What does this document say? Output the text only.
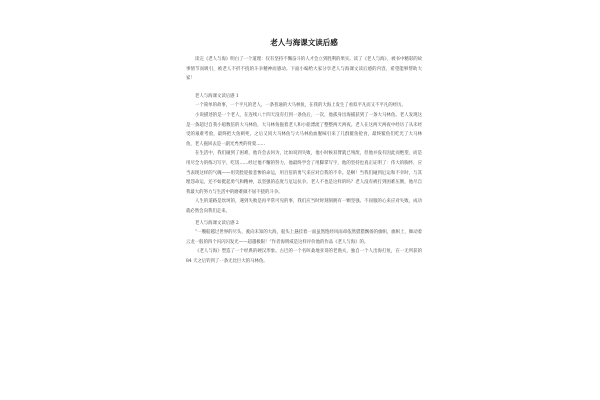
老人与海课文读后感

读完《老人与海》明白了一个道理：仅有坚持不懈奋斗的人才会立到胜利的果实。读了《老人与海》，被书中精彩的故事情节而吸引，被老人不折不挠的斗争精神而感动。下面小编给大家分享老人与海课文读后感的内容，希望能够帮助大家！

老人与海课文读后感 1

一个简单的故事，一个平凡的老人，一条普通的大马林鱼，在我的大海上发生了看似平凡而又不平凡的经历。

小说描述的是一个老人，在连续八十四天没有打到一条鱼后，一次，他孤身出海捕获到了一条大马林鱼。老人发现这是一条超过自我小船数倍的大马林鱼，大马林鱼拖着老人和小船漂流了整整两天两夜。老人在这两天两夜中经历了从未经受的艰难考验，最终把大鱼刺死，之后又同大马林鱼与大马林鱼血腥味引来了几群鲨鱼抢食，最终鲨鱼们吃光了大马林鱼，老人拖回去是一副光秃秃的骨架……

在生活中，我们碰到了困难，他许会去何为，比如说到失败，他小时候双臂就已残废，但他并没有因此而绝望，而是用尽全力的练习写字，吃饭……经过他不懈的努力，他最终学会了用脚掌写字，他的坚持也真正证明了：伟大的胸怀，应当表现这样的气魄——用笑脸迎接悲惨的命运，用百倍的勇气来应对自我的不幸。是啊！当我们碰到厄运和不幸时，与其埋怨命运，还不如挺起勇气和精神，以坚强的态度与厄运抗争。老人不也是这样的吗？老人没有被打到困难压倒，他尽自我最大的努力与生活中的磨难做不屈不挠的斗争。

人生的道路是坎坷的，遇到失败是再平常可见的事，我们应当时时刻刻拥有一颗坚强、不屈服的心来应对失败，成功就必然会向我们走来。

老人与海课文读后感 2

“一艘船越过世界的尽头，驶向未知的大海，船头上悬挂着一面虽然饱经风雨却依然猎猎飘扬的旗帜，旗帜上，舞动着云龙一般的四个闪闪闪发光——超越极限！”作者海明威是这样评价他的作品《老人与海》的。

《老人与海》塑造了一个经典的硬汉形象。古巴的一个名叫桑地亚哥的老渔夫，独自一个人出海打鱼，在一无所获的 84 天之后钓到了一条无比巨大的马林鱼。
